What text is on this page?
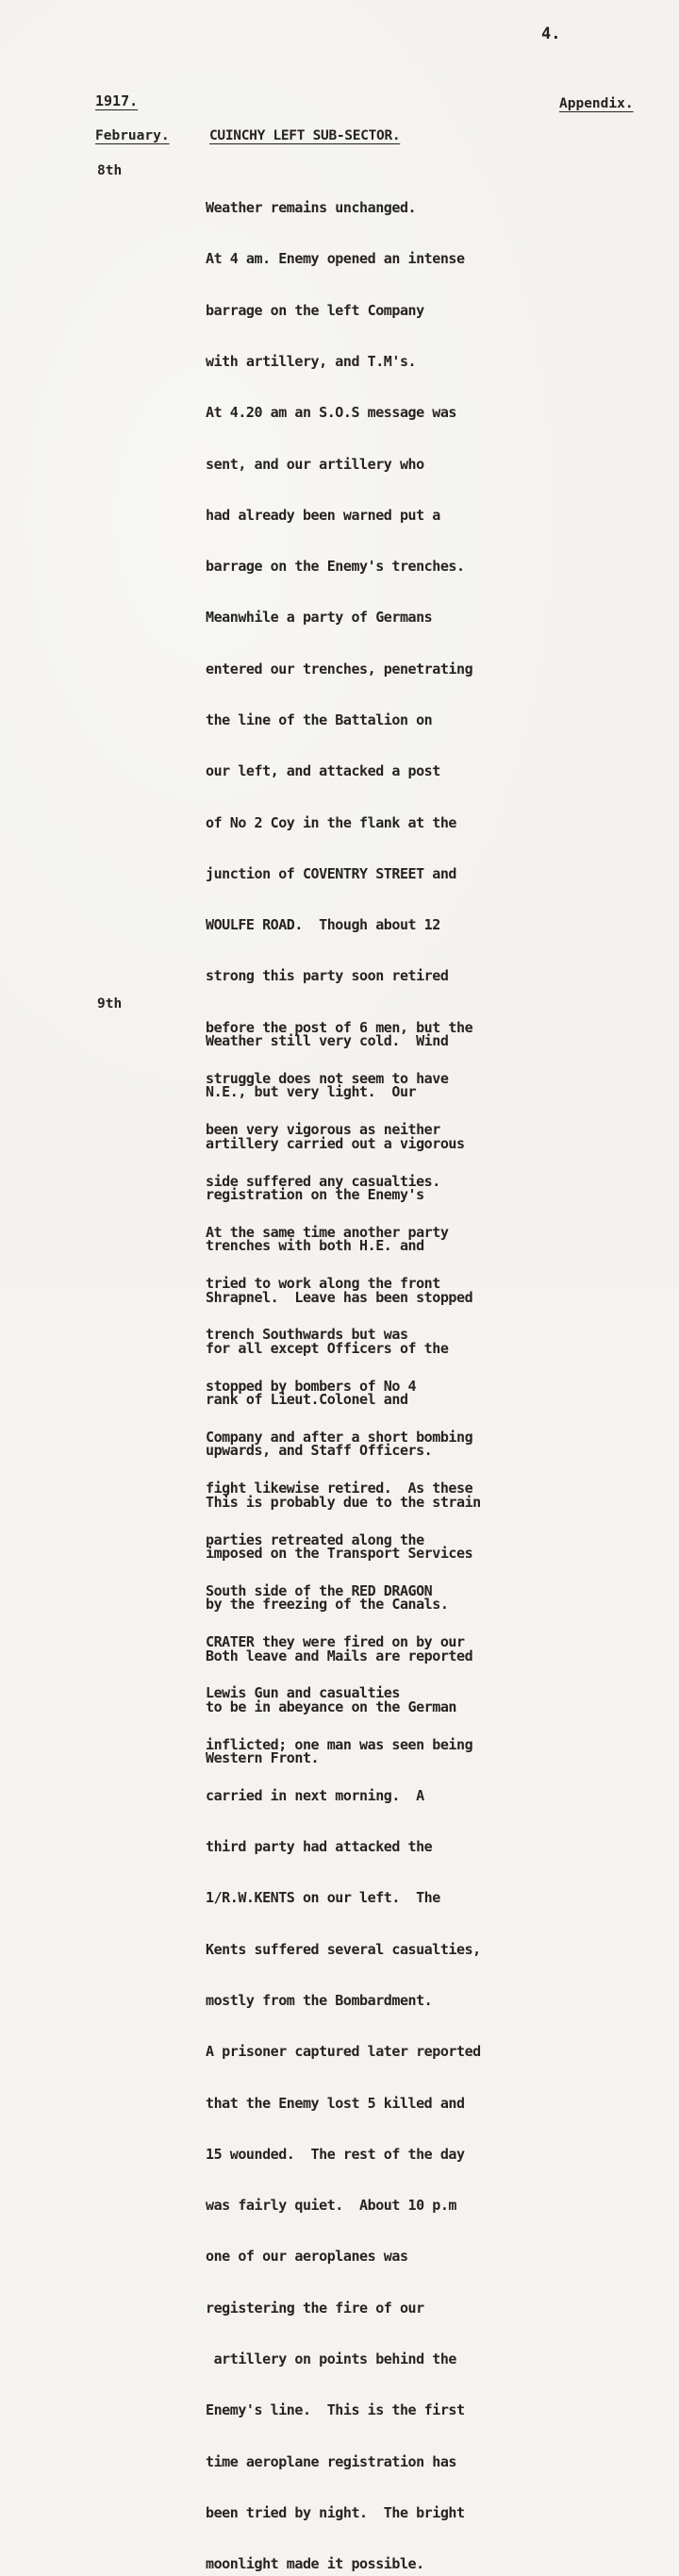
4.
1917.	Appendix.
February.	CUINCHY LEFT SUB-SECTOR.
8th

Weather remains unchanged.

At 4 am. Enemy opened an intense

barrage on the left Company

with artillery, and T.M's.

At 4.20 am an S.O.S message was

sent, and our artillery who

had already been warned put a

barrage on the Enemy's trenches.

Meanwhile a party of Germans

entered our trenches, penetrating

the line of the Battalion on

our left, and attacked a post

of No 2 Coy in the flank at the

junction of COVENTRY STREET and

WOULFE ROAD.  Though about 12

strong this party soon retired

before the post of 6 men, but the

struggle does not seem to have

been very vigorous as neither

side suffered any casualties.

At the same time another party

tried to work along the front

trench Southwards but was

stopped by bombers of No 4

Company and after a short bombing

fight likewise retired.  As these

parties retreated along the

South side of the RED DRAGON

CRATER they were fired on by our

Lewis Gun and casualties

inflicted; one man was seen being

carried in next morning.  A

third party had attacked the

1/R.W.KENTS on our left.  The

Kents suffered several casualties,

mostly from the Bombardment.

A prisoner captured later reported

that the Enemy lost 5 killed and

15 wounded.  The rest of the day

was fairly quiet.  About 10 p.m

one of our aeroplanes was

registering the fire of our

artillery on points behind the

Enemy's line.  This is the first

time aeroplane registration has

been tried by night.  The bright

moonlight made it possible.

9th

Weather still very cold.  Wind

N.E., but very light.  Our

artillery carried out a vigorous

registration on the Enemy's

trenches with both H.E. and

Shrapnel.  Leave has been stopped

for all except Officers of the

rank of Lieut.Colonel and

upwards, and Staff Officers.

This is probably due to the strain

imposed on the Transport Services

by the freezing of the Canals.

Both leave and Mails are reported

to be in abeyance on the German

Western Front.
